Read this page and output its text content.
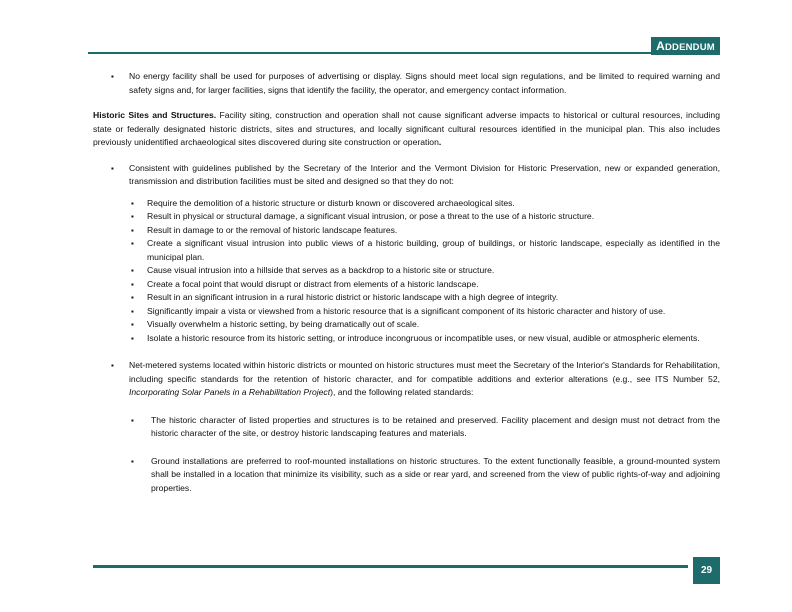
ADDENDUM
▪ No energy facility shall be used for purposes of advertising or display. Signs should meet local sign regulations, and be limited to required warning and safety signs and, for larger facilities, signs that identify the facility, the operator, and emergency contact information.

Historic Sites and Structures. Facility siting, construction and operation shall not cause significant adverse impacts to historical or cultural resources, including state or federally designated historic districts, sites and structures, and locally significant cultural resources identified in the municipal plan. This also includes previously unidentified archaeological sites discovered during site construction or operation.

▪ Consistent with guidelines published by the Secretary of the Interior and the Vermont Division for Historic Preservation, new or expanded generation, transmission and distribution facilities must be sited and designed so that they do not:
▪ Require the demolition of a historic structure or disturb known or discovered archaeological sites.
▪ Result in physical or structural damage, a significant visual intrusion, or pose a threat to the use of a historic structure.
▪ Result in damage to or the removal of historic landscape features.
▪ Create a significant visual intrusion into public views of a historic building, group of buildings, or historic landscape, especially as identified in the municipal plan.
▪ Cause visual intrusion into a hillside that serves as a backdrop to a historic site or structure.
▪ Create a focal point that would disrupt or distract from elements of a historic landscape.
▪ Result in an significant intrusion in a rural historic district or historic landscape with a high degree of integrity.
▪ Significantly impair a vista or viewshed from a historic resource that is a significant component of its historic character and history of use.
▪ Visually overwhelm a historic setting, by being dramatically out of scale.
▪ Isolate a historic resource from its historic setting, or introduce incongruous or incompatible uses, or new visual, audible or atmospheric elements.
▪ Net-metered systems located within historic districts or mounted on historic structures must meet the Secretary of the Interior's Standards for Rehabilitation, including specific standards for the retention of historic character, and for compatible additions and exterior alterations (e.g., see ITS Number 52, Incorporating Solar Panels in a Rehabilitation Project), and the following related standards:
▪ The historic character of listed properties and structures is to be retained and preserved. Facility placement and design must not detract from the historic character of the site, or destroy historic landscaping features and materials.
▪ Ground installations are preferred to roof-mounted installations on historic structures. To the extent functionally feasible, a ground-mounted system shall be installed in a location that minimize its visibility, such as a side or rear yard, and screened from the view of public rights-of-way and adjoining properties.
29
